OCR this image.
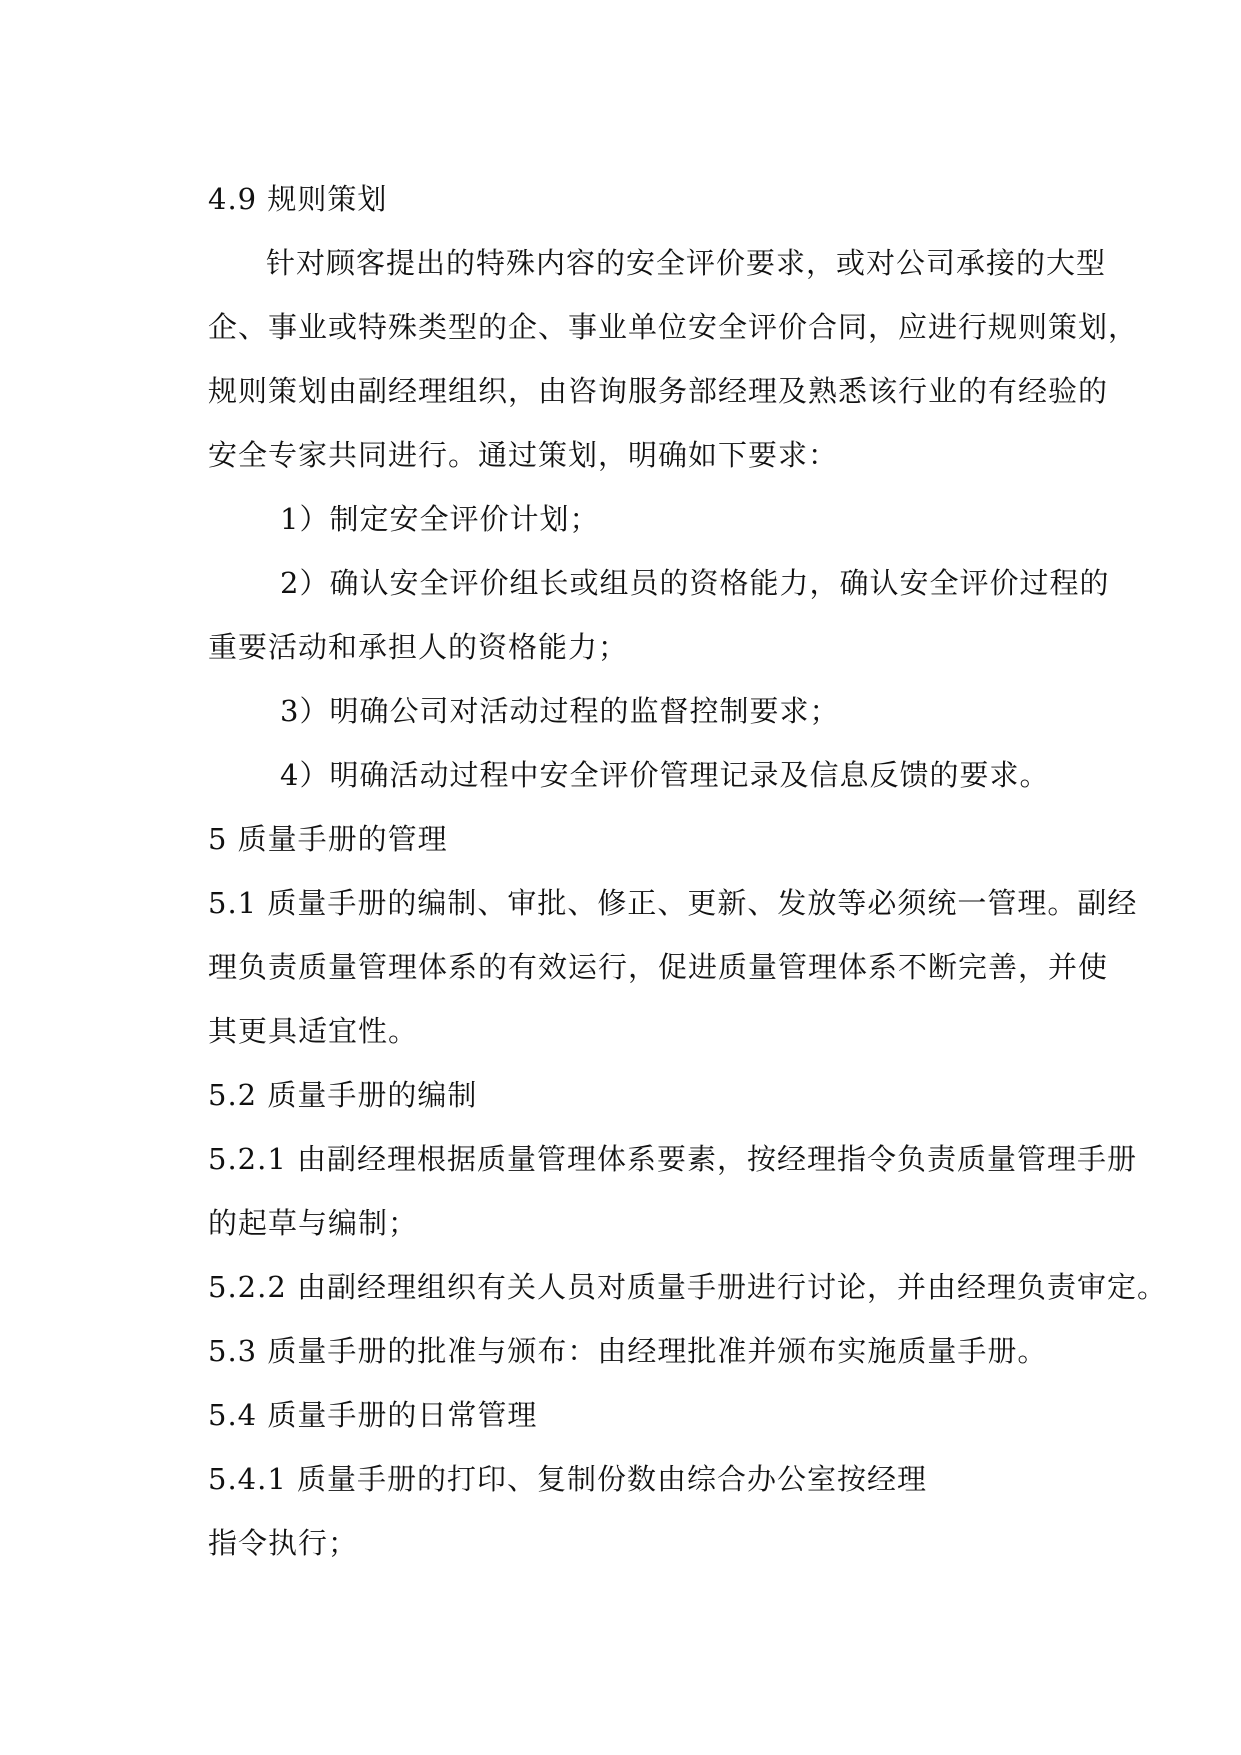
4.9 规则策划
针对顾客提出的特殊内容的安全评价要求，或对公司承接的大型
企、事业或特殊类型的企、事业单位安全评价合同，应进行规则策划，
规则策划由副经理组织，由咨询服务部经理及熟悉该行业的有经验的
安全专家共同进行。通过策划，明确如下要求：
1）制定安全评价计划；
2）确认安全评价组长或组员的资格能力，确认安全评价过程的
重要活动和承担人的资格能力；
3）明确公司对活动过程的监督控制要求；
4）明确活动过程中安全评价管理记录及信息反馈的要求。
5 质量手册的管理
5.1 质量手册的编制、审批、修正、更新、发放等必须统一管理。副经
理负责质量管理体系的有效运行，促进质量管理体系不断完善，并使
其更具适宜性。
5.2 质量手册的编制
5.2.1 由副经理根据质量管理体系要素，按经理指令负责质量管理手册
的起草与编制；
5.2.2 由副经理组织有关人员对质量手册进行讨论，并由经理负责审定。
5.3 质量手册的批准与颁布：由经理批准并颁布实施质量手册。
5.4 质量手册的日常管理
5.4.1 质量手册的打印、复制份数由综合办公室按经理
指令执行；
